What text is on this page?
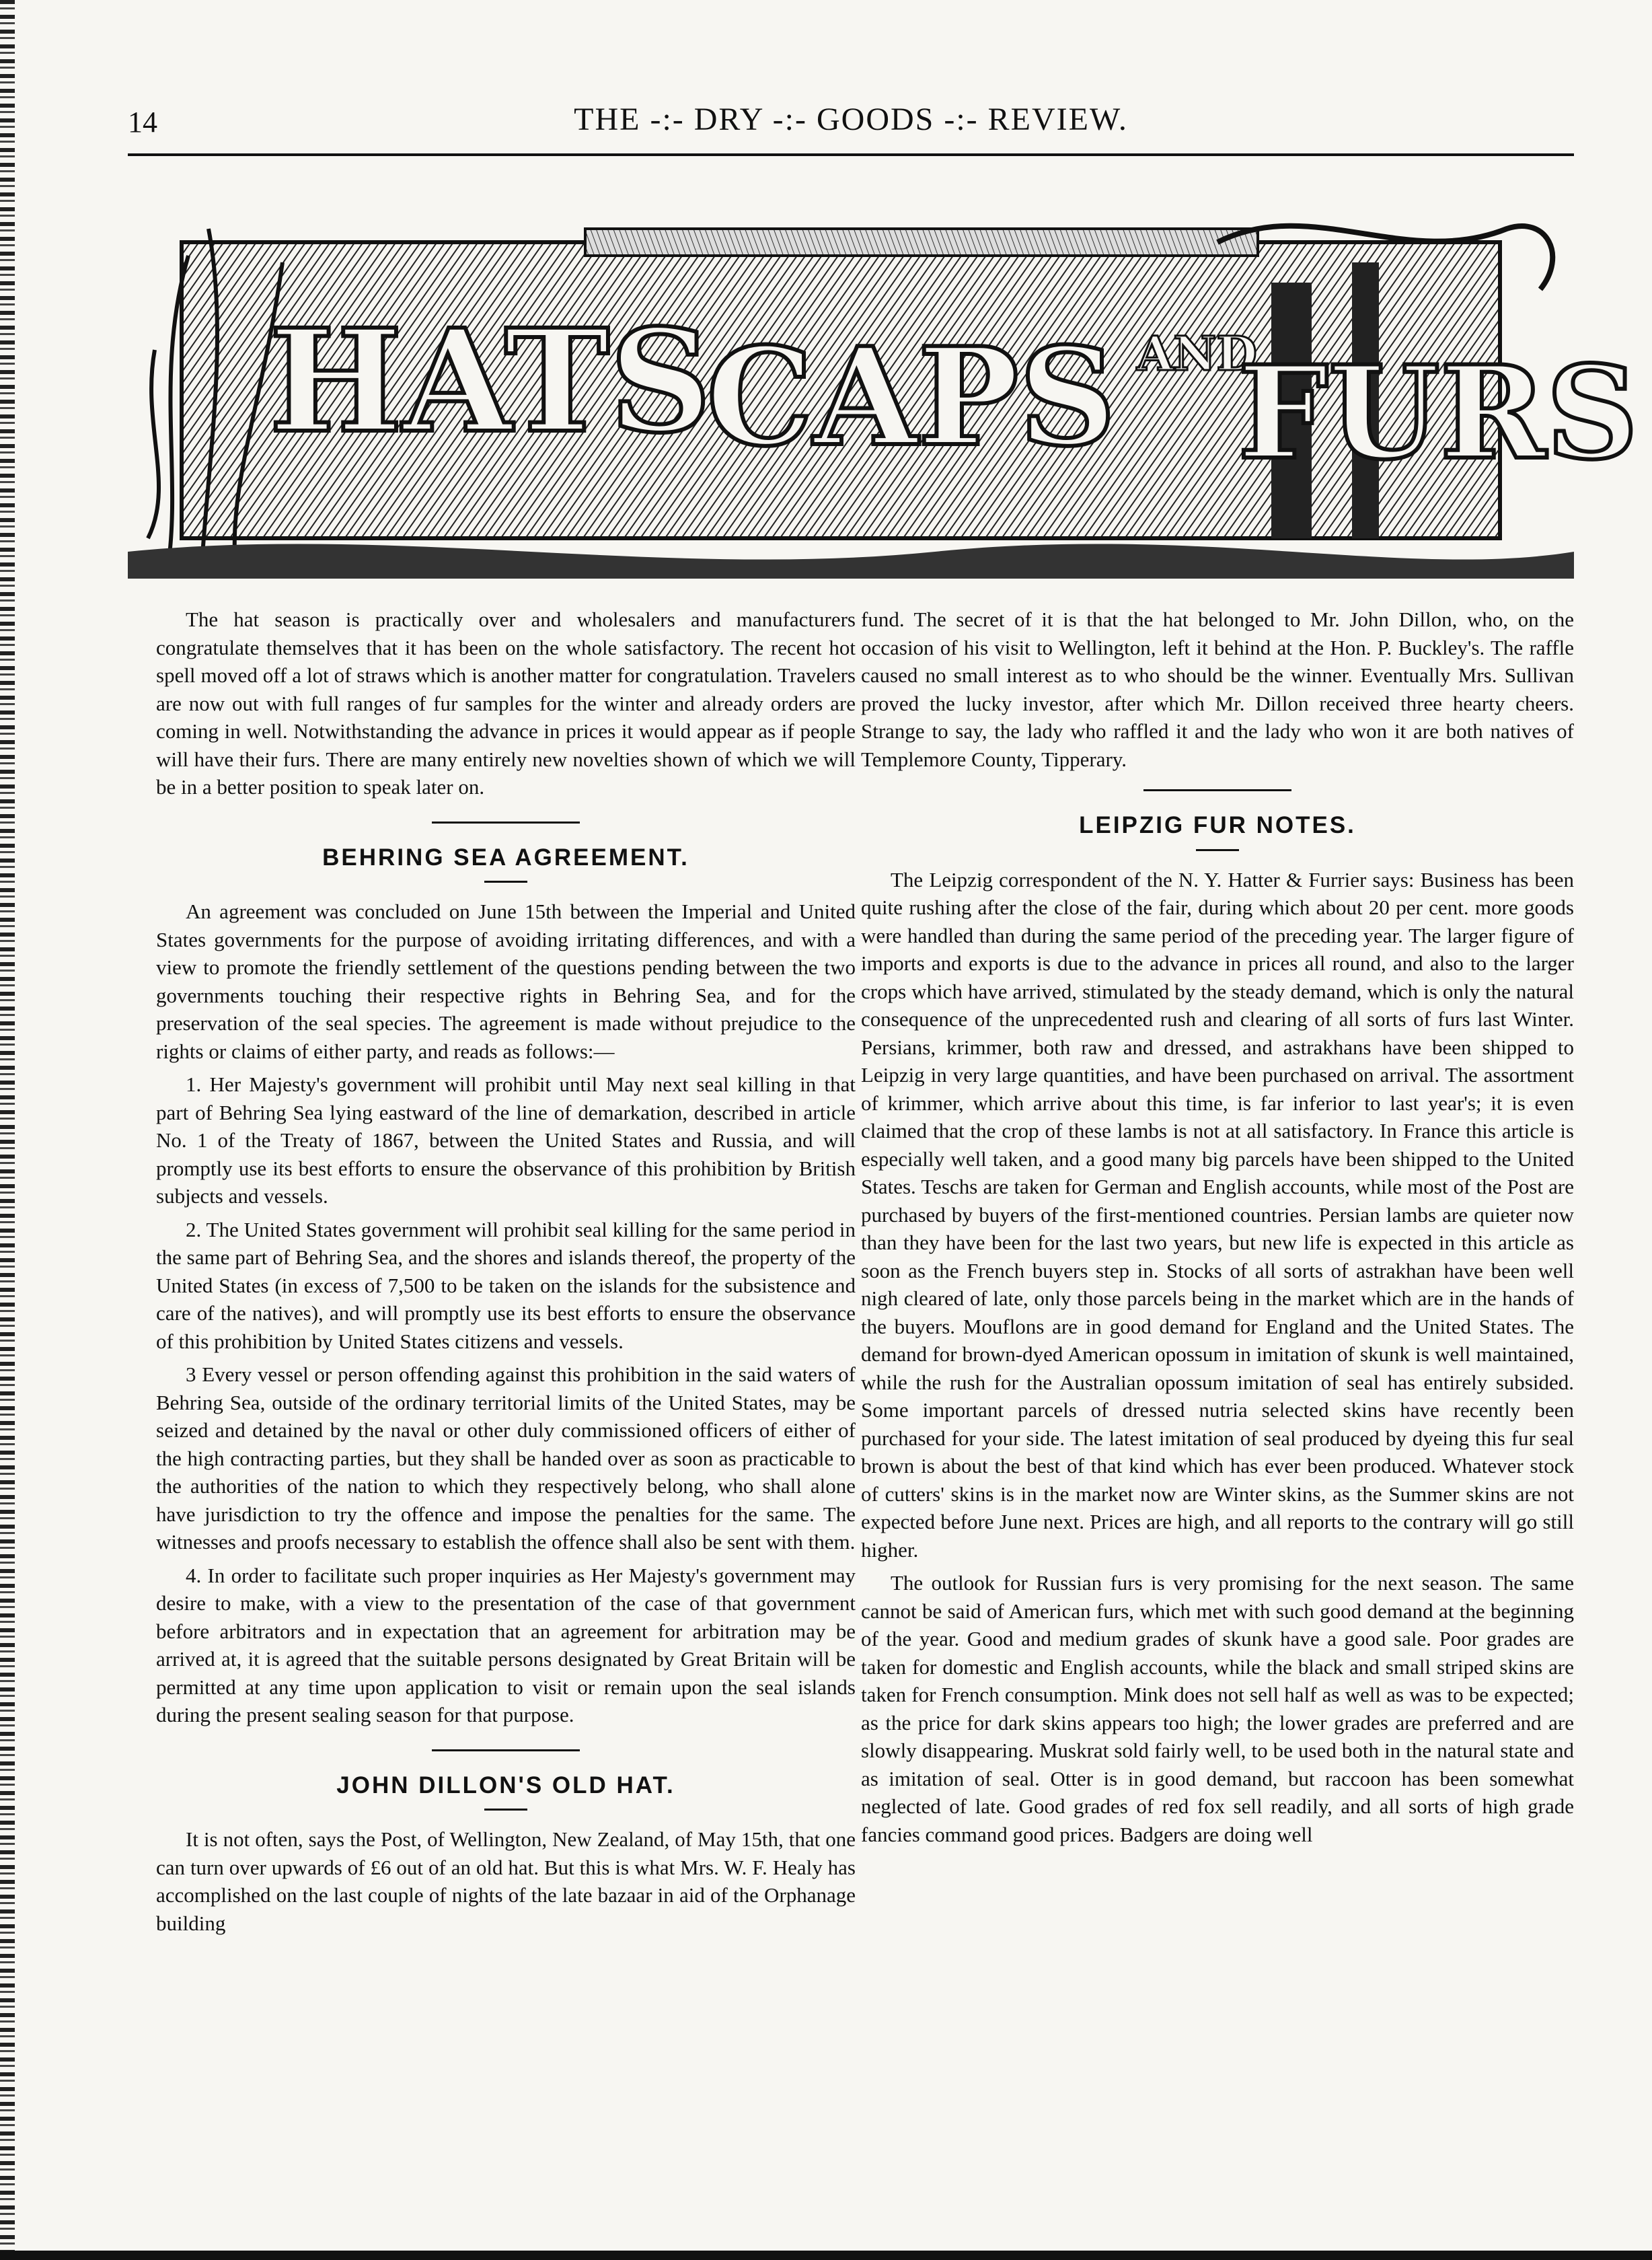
14	THE -:- DRY -:- GOODS -:- REVIEW.
HATS
CAPS AND
FURS

The hat season is practically over and wholesalers and manufacturers congratulate themselves that it has been on the whole satisfactory. The recent hot spell moved off a lot of straws which is another matter for congratulation. Travelers are now out with full ranges of fur samples for the winter and already orders are coming in well. Notwithstanding the advance in prices it would appear as if people will have their furs. There are many entirely new novelties shown of which we will be in a better position to speak later on.

BEHRING SEA AGREEMENT.

An agreement was concluded on June 15th between the Imperial and United States governments for the purpose of avoiding irritating differences, and with a view to promote the friendly settlement of the questions pending between the two governments touching their respective rights in Behring Sea, and for the preservation of the seal species. The agreement is made without prejudice to the rights or claims of either party, and reads as follows:—

1. Her Majesty's government will prohibit until May next seal killing in that part of Behring Sea lying eastward of the line of demarkation, described in article No. 1 of the Treaty of 1867, between the United States and Russia, and will promptly use its best efforts to ensure the observance of this prohibition by British subjects and vessels.

2. The United States government will prohibit seal killing for the same period in the same part of Behring Sea, and the shores and islands thereof, the property of the United States (in excess of 7,500 to be taken on the islands for the subsistence and care of the natives), and will promptly use its best efforts to ensure the observance of this prohibition by United States citizens and vessels.

3 Every vessel or person offending against this prohibition in the said waters of Behring Sea, outside of the ordinary territorial limits of the United States, may be seized and detained by the naval or other duly commissioned officers of either of the high contracting parties, but they shall be handed over as soon as practicable to the authorities of the nation to which they respectively belong, who shall alone have jurisdiction to try the offence and impose the penalties for the same. The witnesses and proofs necessary to establish the offence shall also be sent with them.

4. In order to facilitate such proper inquiries as Her Majesty's government may desire to make, with a view to the presentation of the case of that government before arbitrators and in expectation that an agreement for arbitration may be arrived at, it is agreed that the suitable persons designated by Great Britain will be permitted at any time upon application to visit or remain upon the seal islands during the present sealing season for that purpose.

JOHN DILLON'S OLD HAT.

It is not often, says the Post, of Wellington, New Zealand, of May 15th, that one can turn over upwards of £6 out of an old hat. But this is what Mrs. W. F. Healy has accomplished on the last couple of nights of the late bazaar in aid of the Orphanage building

fund. The secret of it is that the hat belonged to Mr. John Dillon, who, on the occasion of his visit to Wellington, left it behind at the Hon. P. Buckley's. The raffle caused no small interest as to who should be the winner. Eventually Mrs. Sullivan proved the lucky investor, after which Mr. Dillon received three hearty cheers. Strange to say, the lady who raffled it and the lady who won it are both natives of Templemore County, Tipperary.

LEIPZIG FUR NOTES.

The Leipzig correspondent of the N. Y. Hatter & Furrier says: Business has been quite rushing after the close of the fair, during which about 20 per cent. more goods were handled than during the same period of the preceding year. The larger figure of imports and exports is due to the advance in prices all round, and also to the larger crops which have arrived, stimulated by the steady demand, which is only the natural consequence of the unprecedented rush and clearing of all sorts of furs last Winter. Persians, krimmer, both raw and dressed, and astrakhans have been shipped to Leipzig in very large quantities, and have been purchased on arrival. The assortment of krimmer, which arrive about this time, is far inferior to last year's; it is even claimed that the crop of these lambs is not at all satisfactory. In France this article is especially well taken, and a good many big parcels have been shipped to the United States. Teschs are taken for German and English accounts, while most of the Post are purchased by buyers of the first-mentioned countries. Persian lambs are quieter now than they have been for the last two years, but new life is expected in this article as soon as the French buyers step in. Stocks of all sorts of astrakhan have been well nigh cleared of late, only those parcels being in the market which are in the hands of the buyers. Mouflons are in good demand for England and the United States. The demand for brown-dyed American opossum in imitation of skunk is well maintained, while the rush for the Australian opossum imitation of seal has entirely subsided. Some important parcels of dressed nutria selected skins have recently been purchased for your side. The latest imitation of seal produced by dyeing this fur seal brown is about the best of that kind which has ever been produced. Whatever stock of cutters' skins is in the market now are Winter skins, as the Summer skins are not expected before June next. Prices are high, and all reports to the contrary will go still higher.

The outlook for Russian furs is very promising for the next season. The same cannot be said of American furs, which met with such good demand at the beginning of the year. Good and medium grades of skunk have a good sale. Poor grades are taken for domestic and English accounts, while the black and small striped skins are taken for French consumption. Mink does not sell half as well as was to be expected; as the price for dark skins appears too high; the lower grades are preferred and are slowly disappearing. Muskrat sold fairly well, to be used both in the natural state and as imitation of seal. Otter is in good demand, but raccoon has been somewhat neglected of late. Good grades of red fox sell readily, and all sorts of high grade fancies command good prices. Badgers are doing well
